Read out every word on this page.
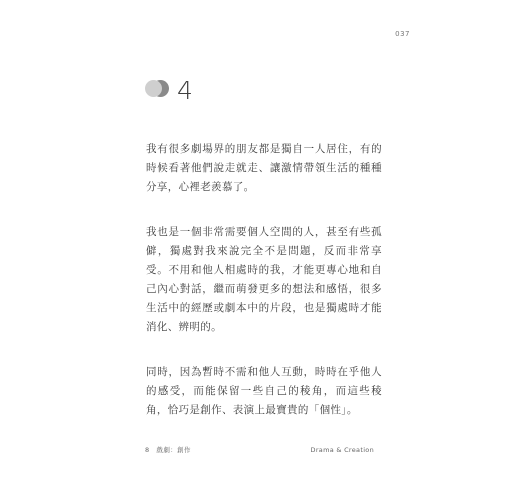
037
4

我有很多劇場界的朋友都是獨自一人居住，有的時候看著他們說走就走、讓激情帶領生活的種種分享，心裡老羨慕了。

我也是一個非常需要個人空間的人，甚至有些孤僻，獨處對我來說完全不是問題，反而非常享受。不用和他人相處時的我，才能更專心地和自己內心對話，繼而萌發更多的想法和感悟，很多生活中的經歷或劇本中的片段，也是獨處時才能消化、辨明的。

同時，因為暫時不需和他人互動，時時在乎他人的感受，而能保留一些自己的稜角，而這些稜角，恰巧是創作、表演上最寶貴的「個性」。

8　戲劇：創作	Drama & Creation
